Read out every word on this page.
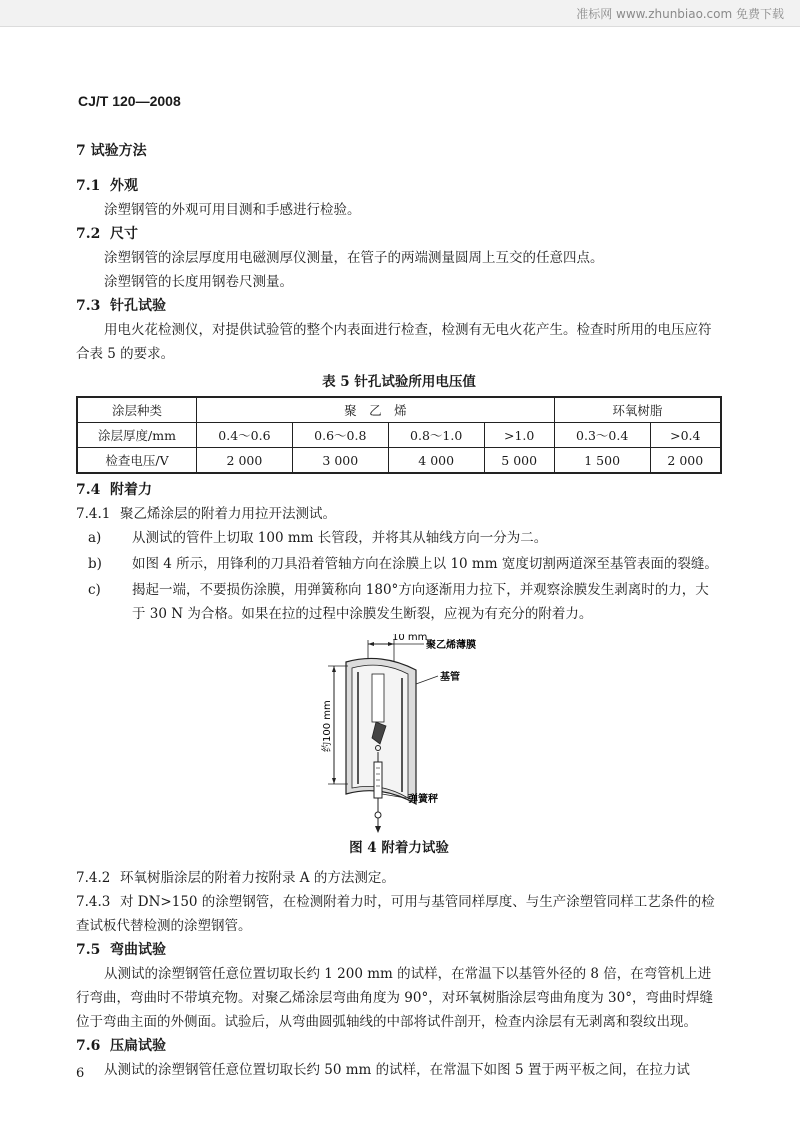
准标网 www.zhunbiao.com 免费下载
CJ/T 120—2008

7 试验方法

7.1 外观

涂塑钢管的外观可用目测和手感进行检验。

7.2 尺寸

涂塑钢管的涂层厚度用电磁测厚仪测量，在管子的两端测量圆周上互交的任意四点。

涂塑钢管的长度用钢卷尺测量。

7.3 针孔试验

用电火花检测仪，对提供试验管的整个内表面进行检查，检测有无电火花产生。检查时所用的电压应符合表 5 的要求。

表 5 针孔试验所用电压值

涂层种类	聚　乙　烯				环氧树脂	
涂层厚度/mm	0.4～0.6	0.6～0.8	0.8～1.0	>1.0	0.3～0.4	>0.4
检查电压/V	2 000	3 000	4 000	5 000	1 500	2 000

7.4 附着力

7.4.1 聚乙烯涂层的附着力用拉开法测试。

a) 从测试的管件上切取 100 mm 长管段，并将其从轴线方向一分为二。

b) 如图 4 所示，用锋利的刀具沿着管轴方向在涂膜上以 10 mm 宽度切割两道深至基管表面的裂缝。

c) 揭起一端，不要损伤涂膜，用弹簧称向 180°方向逐渐用力拉下，并观察涂膜发生剥离时的力，大于 30 N 为合格。如果在拉的过程中涂膜发生断裂，应视为有充分的附着力。

10 mm
聚乙烯薄膜
基管
弹簧秤
约100 mm

图 4 附着力试验

7.4.2 环氧树脂涂层的附着力按附录 A 的方法测定。

7.4.3 对 DN>150 的涂塑钢管，在检测附着力时，可用与基管同样厚度、与生产涂塑管同样工艺条件的检查试板代替检测的涂塑钢管。

7.5 弯曲试验

从测试的涂塑钢管任意位置切取长约 1 200 mm 的试样，在常温下以基管外径的 8 倍，在弯管机上进行弯曲，弯曲时不带填充物。对聚乙烯涂层弯曲角度为 90°，对环氧树脂涂层弯曲角度为 30°，弯曲时焊缝位于弯曲主面的外侧面。试验后，从弯曲圆弧轴线的中部将试件剖开，检查内涂层有无剥离和裂纹出现。

7.6 压扁试验

从测试的涂塑钢管任意位置切取长约 50 mm 的试样，在常温下如图 5 置于两平板之间，在拉力试

6
